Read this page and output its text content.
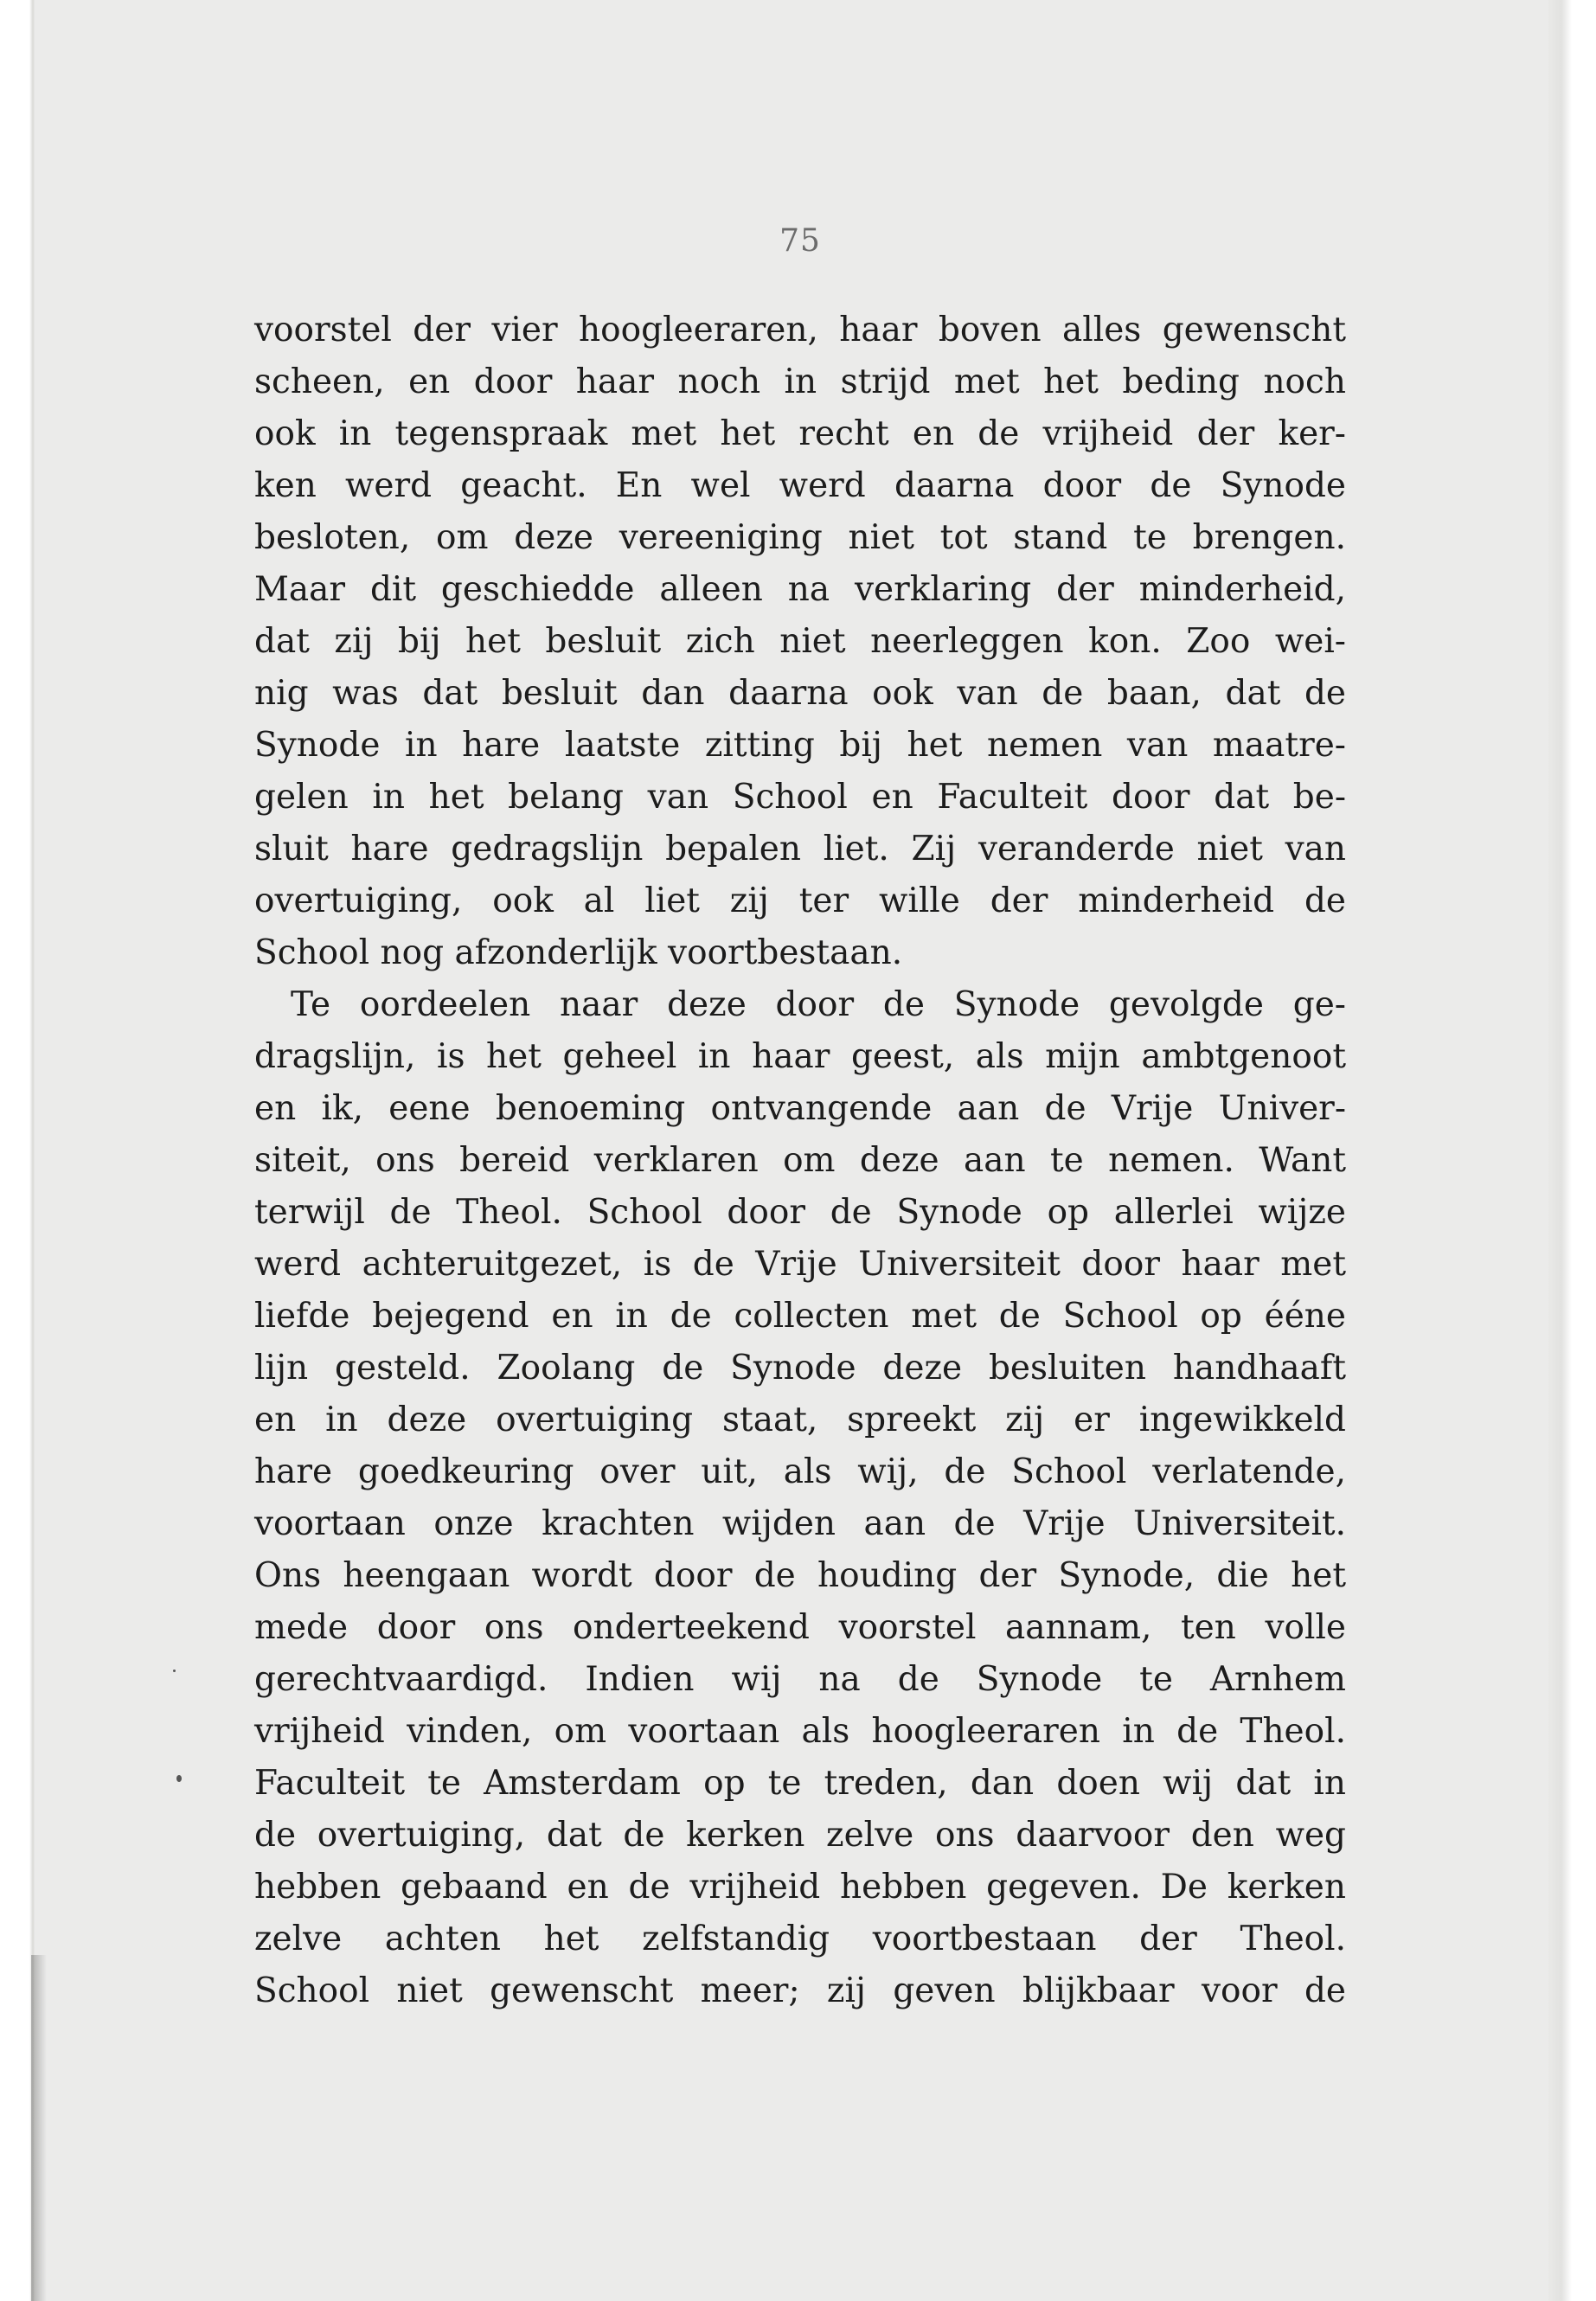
75
voorstel der vier hoogleeraren, haar boven alles gewenscht
scheen, en door haar noch in strijd met het beding noch
ook in tegenspraak met het recht en de vrijheid der ker-
ken werd geacht. En wel werd daarna door de Synode
besloten, om deze vereeniging niet tot stand te brengen.
Maar dit geschiedde alleen na verklaring der minderheid,
dat zij bij het besluit zich niet neerleggen kon. Zoo wei-
nig was dat besluit dan daarna ook van de baan, dat de
Synode in hare laatste zitting bij het nemen van maatre-
gelen in het belang van School en Faculteit door dat be-
sluit hare gedragslijn bepalen liet. Zij veranderde niet van
overtuiging, ook al liet zij ter wille der minderheid de
School nog afzonderlijk voortbestaan.
Te oordeelen naar deze door de Synode gevolgde ge-
dragslijn, is het geheel in haar geest, als mijn ambtgenoot
en ik, eene benoeming ontvangende aan de Vrije Univer-
siteit, ons bereid verklaren om deze aan te nemen. Want
terwijl de Theol. School door de Synode op allerlei wijze
werd achteruitgezet, is de Vrije Universiteit door haar met
liefde bejegend en in de collecten met de School op ééne
lijn gesteld. Zoolang de Synode deze besluiten handhaaft
en in deze overtuiging staat, spreekt zij er ingewikkeld
hare goedkeuring over uit, als wij, de School verlatende,
voortaan onze krachten wijden aan de Vrije Universiteit.
Ons heengaan wordt door de houding der Synode, die het
mede door ons onderteekend voorstel aannam, ten volle
gerechtvaardigd. Indien wij na de Synode te Arnhem
vrijheid vinden, om voortaan als hoogleeraren in de Theol.
Faculteit te Amsterdam op te treden, dan doen wij dat in
de overtuiging, dat de kerken zelve ons daarvoor den weg
hebben gebaand en de vrijheid hebben gegeven. De kerken
zelve achten het zelfstandig voortbestaan der Theol.
School niet gewenscht meer; zij geven blijkbaar voor de
